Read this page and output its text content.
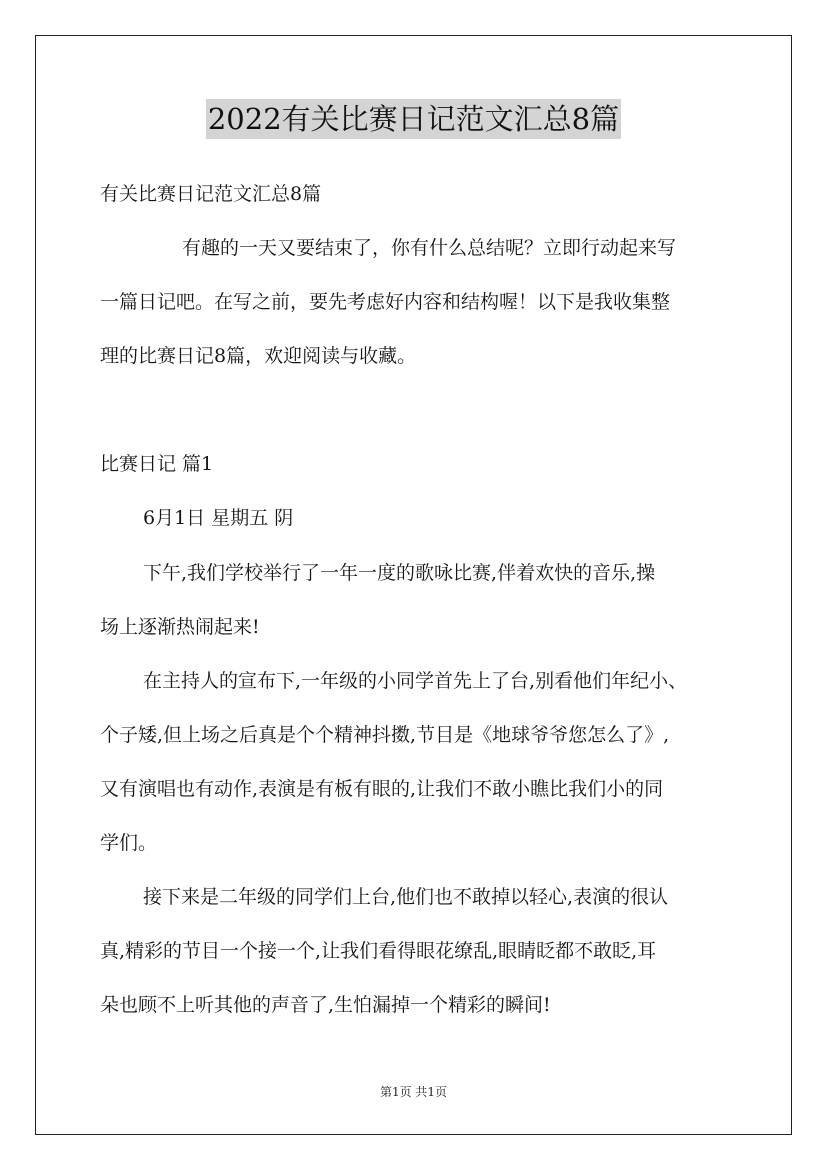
2022有关比赛日记范文汇总8篇
有关比赛日记范文汇总8篇
有趣的一天又要结束了，你有什么总结呢？立即行动起来写
一篇日记吧。在写之前，要先考虑好内容和结构喔！以下是我收集整
理的比赛日记8篇，欢迎阅读与收藏。
比赛日记 篇1
6月1日 星期五 阴
下午,我们学校举行了一年一度的歌咏比赛,伴着欢快的音乐,操
场上逐渐热闹起来!
在主持人的宣布下,一年级的小同学首先上了台,别看他们年纪小、
个子矮,但上场之后真是个个精神抖擞,节目是《地球爷爷您怎么了》,
又有演唱也有动作,表演是有板有眼的,让我们不敢小瞧比我们小的同
学们。
接下来是二年级的同学们上台,他们也不敢掉以轻心,表演的很认
真,精彩的节目一个接一个,让我们看得眼花缭乱,眼睛眨都不敢眨,耳
朵也顾不上听其他的声音了,生怕漏掉一个精彩的瞬间!
第1页 共1页
